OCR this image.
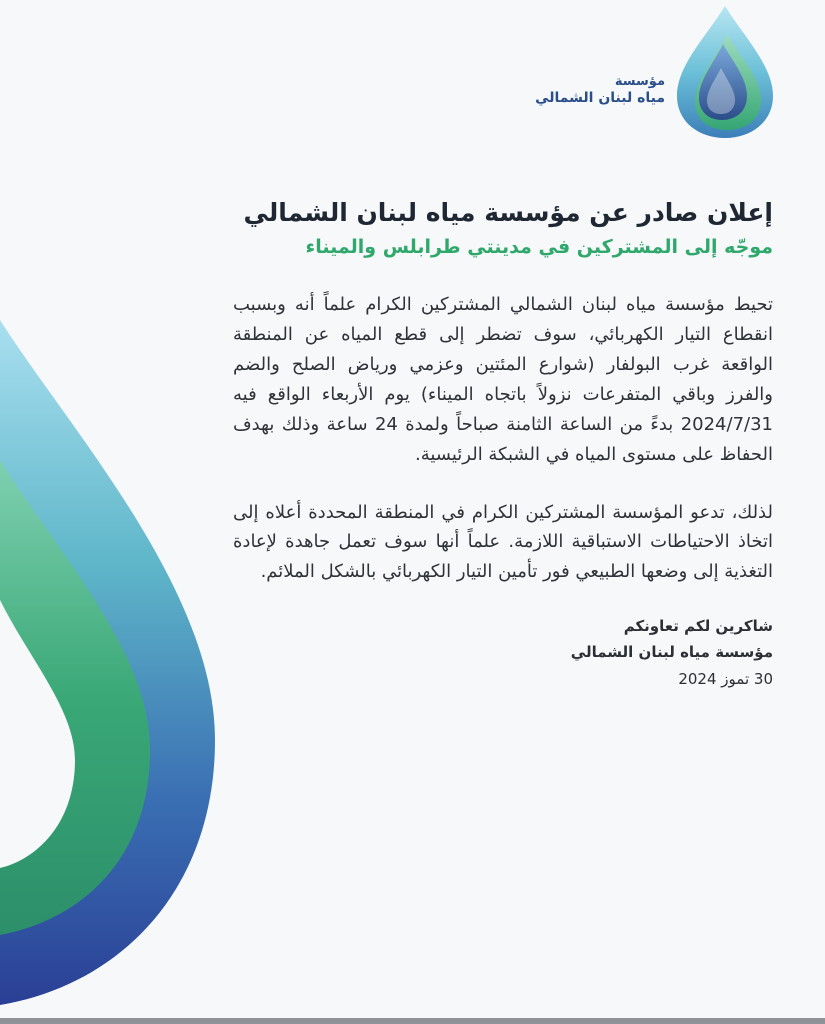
مؤسسة
مياه لبنان الشمالي
إعلان صادر عن مؤسسة مياه لبنان الشمالي
موجّه إلى المشتركين في مدينتي طرابلس والميناء

تحيط مؤسسة مياه لبنان الشمالي المشتركين الكرام علماً أنه وبسبب انقطاع التيار الكهربائي، سوف تضطر إلى قطع المياه عن المنطقة الواقعة غرب البولفار (شوارع المئتين وعزمي ورياض الصلح والضم والفرز وباقي المتفرعات نزولاً باتجاه الميناء) يوم الأربعاء الواقع فيه 2024/7/31 بدءً من الساعة الثامنة صباحاً ولمدة 24 ساعة وذلك بهدف الحفاظ على مستوى المياه في الشبكة الرئيسية.

لذلك، تدعو المؤسسة المشتركين الكرام في المنطقة المحددة أعلاه إلى اتخاذ الاحتياطات الاستباقية اللازمة. علماً أنها سوف تعمل جاهدة لإعادة التغذية إلى وضعها الطبيعي فور تأمين التيار الكهربائي بالشكل الملائم.

شاكرين لكم تعاونكم
مؤسسة مياه لبنان الشمالي
30 تموز 2024
